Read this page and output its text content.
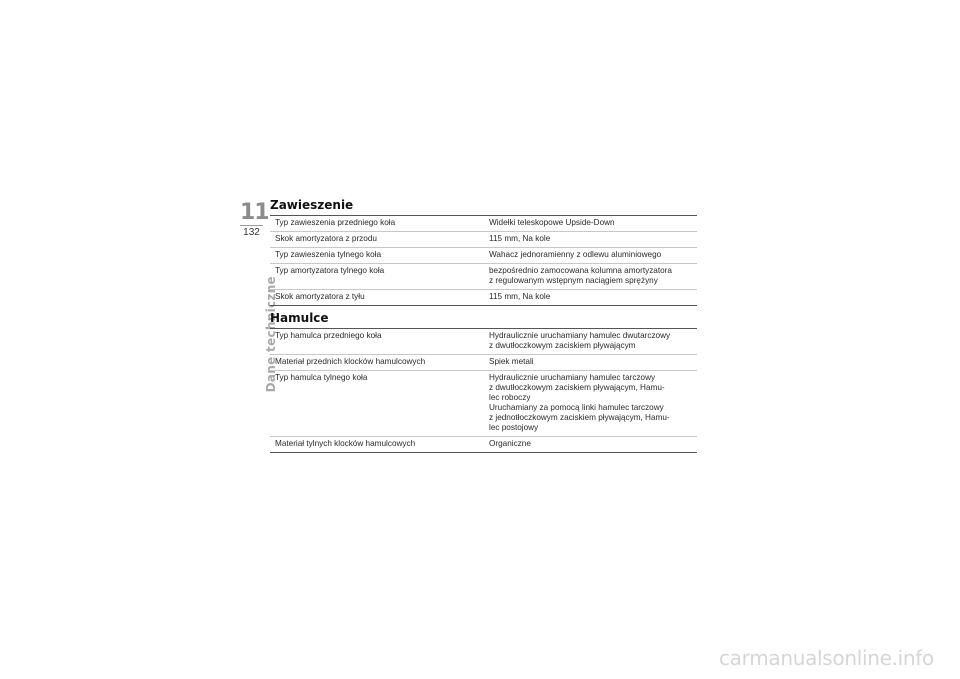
11
132
Dane techniczne
Zawieszenie
Typ zawieszenia przedniego koła	Widełki teleskopowe Upside-Down
Skok amortyzatora z przodu	115 mm, Na kole
Typ zawieszenia tylnego koła	Wahacz jednoramienny z odlewu aluminiowego
Typ amortyzatora tylnego koła	bezpośrednio zamocowana kolumna amortyzatora
z regulowanym wstępnym naciągiem sprężyny
Skok amortyzatora z tyłu	115 mm, Na kole
Hamulce
Typ hamulca przedniego koła	Hydraulicznie uruchamiany hamulec dwutarczowy
z dwutłoczkowym zaciskiem pływającym
Materiał przednich klocków hamulcowych	Spiek metali
Typ hamulca tylnego koła	Hydraulicznie uruchamiany hamulec tarczowy
z dwutłoczkowym zaciskiem pływającym, Hamu-
lec roboczy
Uruchamiany za pomocą linki hamulec tarczowy
z jednotłoczkowym zaciskiem pływającym, Hamu-
lec postojowy
Materiał tylnych klocków hamulcowych	Organiczne
carmanualsonline.info
